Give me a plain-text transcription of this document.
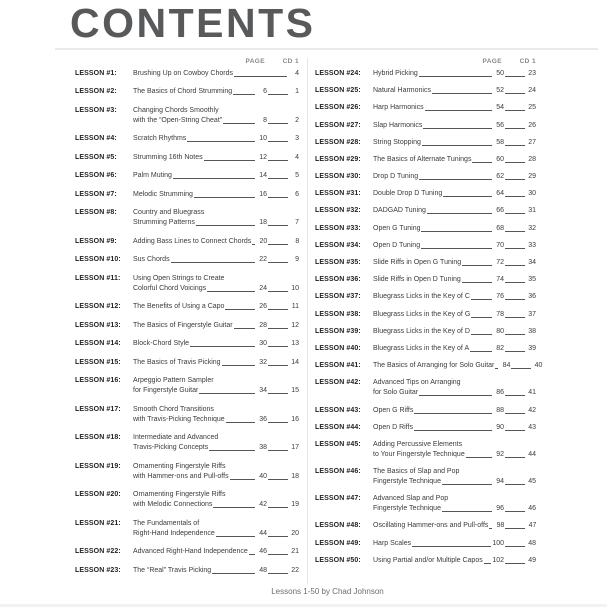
CONTENTS
PAGE	CD 1
LESSON #1:	Brushing Up on Cowboy Chords	4
LESSON #2:	The Basics of Chord Strumming	6	1
LESSON #3:	Changing Chords Smoothly
with the “Open-String Cheat”	8	2
LESSON #4:	Scratch Rhythms	10	3
LESSON #5:	Strumming 16th Notes	12	4
LESSON #6:	Palm Muting	14	5
LESSON #7:	Melodic Strumming	16	6
LESSON #8:	Country and Bluegrass
Strumming Patterns	18	7
LESSON #9:	Adding Bass Lines to Connect Chords	20	8
LESSON #10:	Sus Chords	22	9
LESSON #11:	Using Open Strings to Create
Colorful Chord Voicings	24	10
LESSON #12:	The Benefits of Using a Capo	26	11
LESSON #13:	The Basics of Fingerstyle Guitar	28	12
LESSON #14:	Block-Chord Style	30	13
LESSON #15:	The Basics of Travis Picking	32	14
LESSON #16:	Arpeggio Pattern Sampler
for Fingerstyle Guitar	34	15
LESSON #17:	Smooth Chord Transitions
with Travis-Picking Technique	36	16
LESSON #18:	Intermediate and Advanced
Travis-Picking Concepts	38	17
LESSON #19:	Ornamenting Fingerstyle Riffs
with Hammer-ons and Pull-offs	40	18
LESSON #20:	Ornamenting Fingerstyle Riffs
with Melodic Connections	42	19
LESSON #21:	The Fundamentals of
Right-Hand Independence	44	20
LESSON #22:	Advanced Right-Hand Independence	46	21
LESSON #23:	The “Real” Travis Picking	48	22
PAGE	CD 1
LESSON #24:	Hybrid Picking	50	23
LESSON #25:	Natural Harmonics	52	24
LESSON #26:	Harp Harmonics	54	25
LESSON #27:	Slap Harmonics	56	26
LESSON #28:	String Stopping	58	27
LESSON #29:	The Basics of Alternate Tunings	60	28
LESSON #30:	Drop D Tuning	62	29
LESSON #31:	Double Drop D Tuning	64	30
LESSON #32:	DADGAD Tuning	66	31
LESSON #33:	Open G Tuning	68	32
LESSON #34:	Open D Tuning	70	33
LESSON #35:	Slide Riffs in Open G Tuning	72	34
LESSON #36:	Slide Riffs in Open D Tuning	74	35
LESSON #37:	Bluegrass Licks in the Key of C	76	36
LESSON #38:	Bluegrass Licks in the Key of G	78	37
LESSON #39:	Bluegrass Licks in the Key of D	80	38
LESSON #40:	Bluegrass Licks in the Key of A	82	39
LESSON #41:	The Basics of Arranging for Solo Guitar	84	40
LESSON #42:	Advanced Tips on Arranging
for Solo Guitar	86	41
LESSON #43:	Open G Riffs	88	42
LESSON #44:	Open D Riffs	90	43
LESSON #45:	Adding Percussive Elements
to Your Fingerstyle Technique	92	44
LESSON #46:	The Basics of Slap and Pop
Fingerstyle Technique	94	45
LESSON #47:	Advanced Slap and Pop
Fingerstyle Technique	96	46
LESSON #48:	Oscillating Hammer-ons and Pull-offs	98	47
LESSON #49:	Harp Scales	100	48
LESSON #50:	Using Partial and/or Multiple Capos 102	49
Lessons 1-50 by Chad Johnson
